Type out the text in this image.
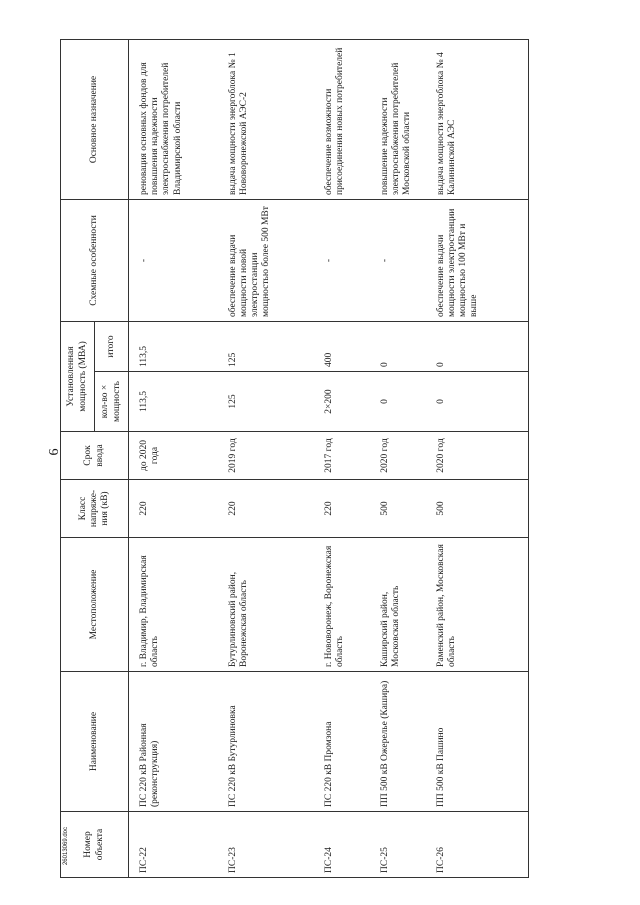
6
26013069.doc	Номер объекта	Наименование	Местоположение	Класс напряже-ния (кВ)	Срок ввода	Установленная мощность (МВА)		Схемные особенности	Основное назначение
					кол-во × мощность	итого		
ПС-22	ПС 220 кВ Районная (реконструкция)	г. Владимир, Владимирская область	220	до 2020 года	113,5	113,5	-	реновация основных фондов для повышения надежности электроснабжения потребителей Владимирской области
ПС-23	ПС 220 кВ Бутурлиновка	Бутурлиновский район, Воронежская область	220	2019 год	125	125	обеспечение выдачи мощности новой электростанции мощностью более 500 МВт	выдача мощности энергоблока № 1 Нововоронежской АЭС-2
ПС-24	ПС 220 кВ Промзона	г. Нововоронеж, Воронежская область	220	2017 год	2×200	400	-	обеспечение возможности присоединения новых потребителей
ПС-25	ПП 500 кВ Ожерелье (Кашира)	Каширский район, Московская область	500	2020 год	0	0	-	повышение надежности электроснабжения потребителей Московской области
ПС-26	ПП 500 кВ Пашино	Раменский район, Московская область	500	2020 год	0	0	обеспечение выдачи мощности электростанции мощностью 100 МВт и выше	выдача мощности энергоблока № 4 Калининской АЭС
